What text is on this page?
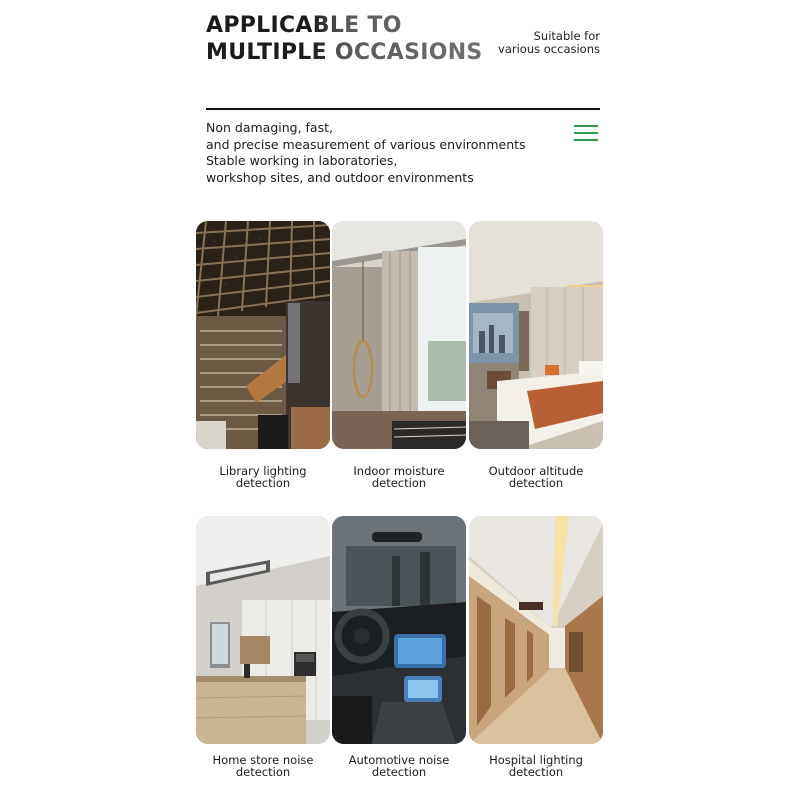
APPLICABLE TO
MULTIPLE OCCASIONS
Suitable for
various occasions
Non damaging, fast,
and precise measurement of various environments
Stable working in laboratories,
workshop sites, and outdoor environments
Library lighting
detection
Indoor moisture
detection
Outdoor altitude
detection
Home store noise
detection
Automotive noise
detection
Hospital lighting
detection
